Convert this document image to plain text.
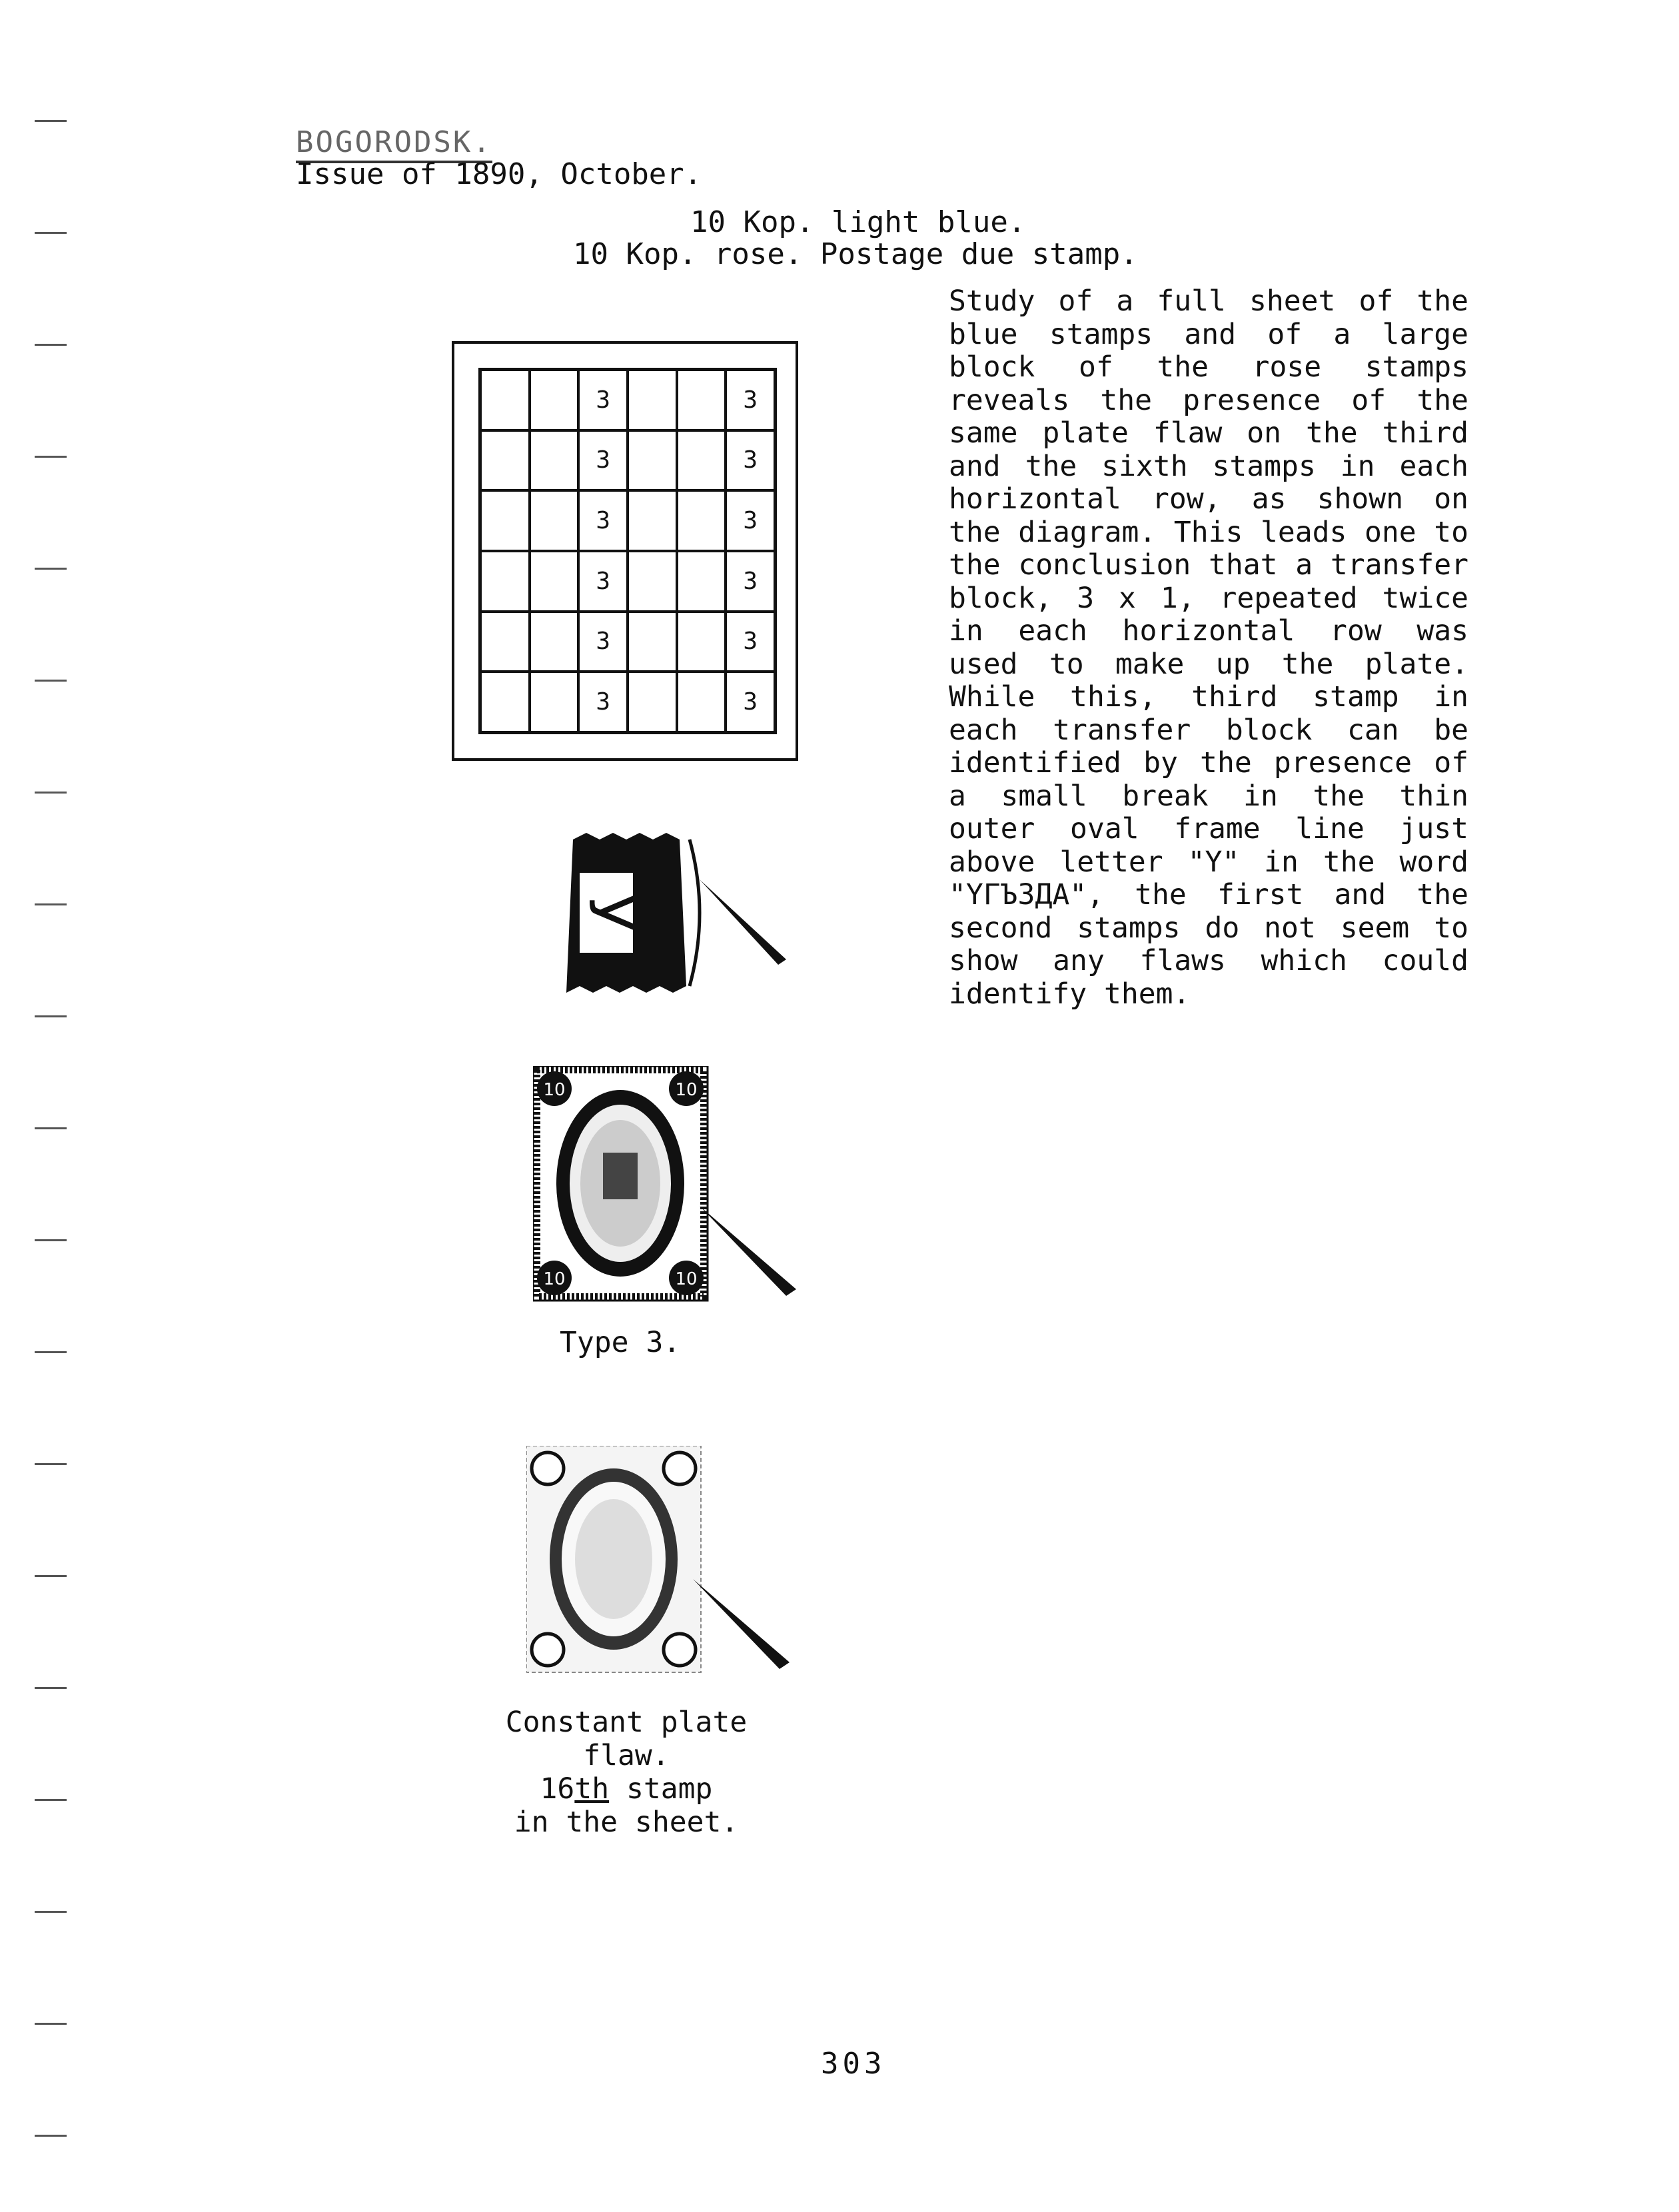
BOGORODSK.
Issue of 1890, October.
10 Kop. light blue.
10 Kop. rose. Postage due stamp.
Study of a full sheet of the blue stamps and of a large block of the rose stamps reveals the presence of the same plate flaw on the third and the sixth stamps in each horizontal row, as shown on the diagram. This leads one to the conclusion that a transfer block, 3 x 1, repeated twice in each horizontal row was used to make up the plate. While this, third stamp in each transfer block can be identified by the presence of a small break in the thin outer oval frame line just above letter "Y" in the word "YГЪЗДА", the first and the second stamps do not seem to show any flaws which could identify them.
3	3
3	3
3	3
3	3
3	3
3	3
У
10	10
10	10
Type 3.
Constant plate
flaw.
16th stamp
in the sheet.
303
